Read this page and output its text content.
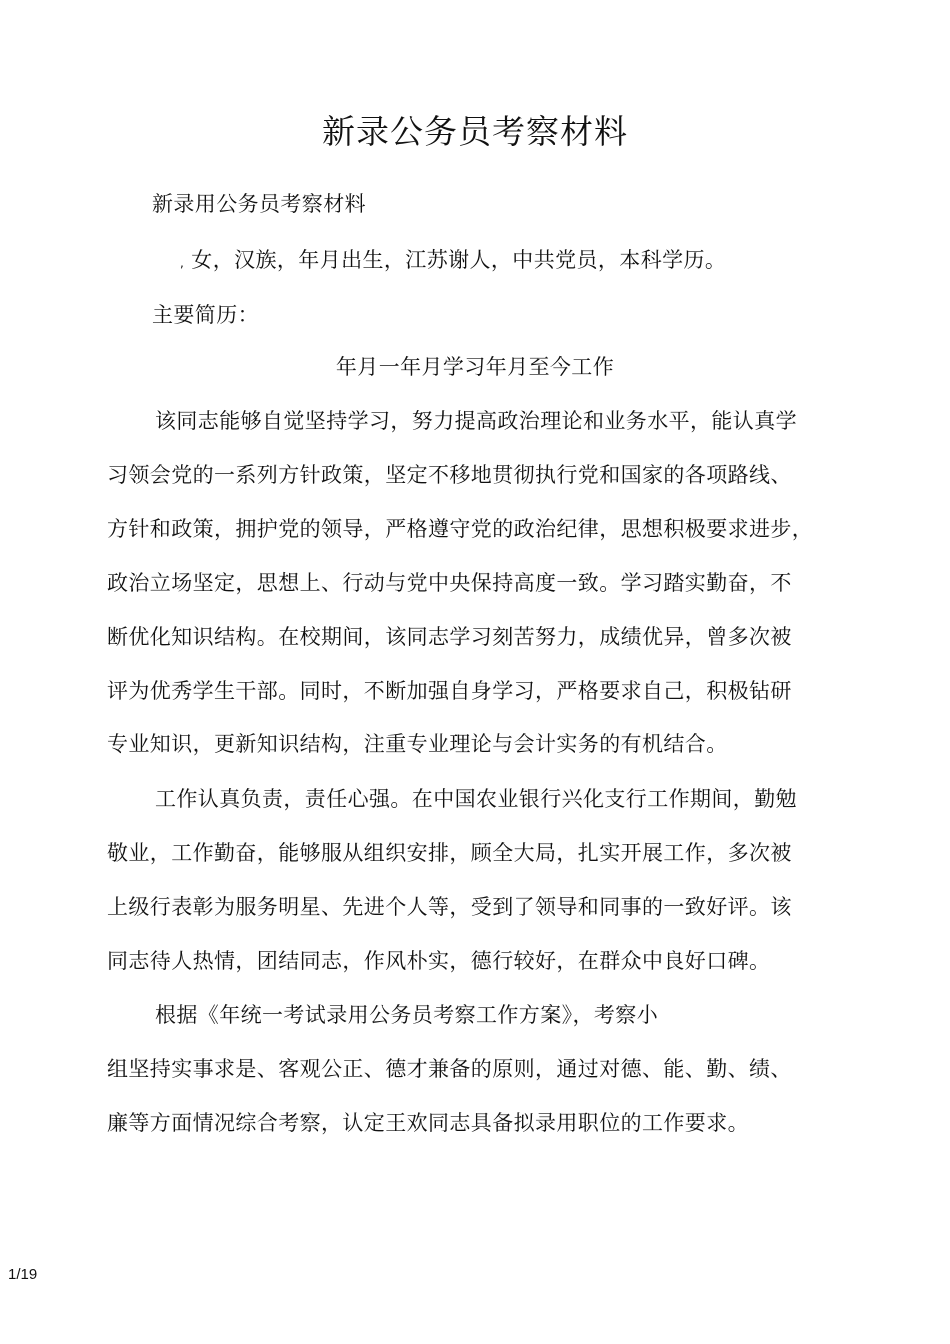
新录公务员考察材料
新录用公务员考察材料
, 女，汉族，年月出生，江苏谢人，中共党员，本科学历。
主要简历：
年月一年月学习年月至今工作
该同志能够自觉坚持学习，努力提高政治理论和业务水平，能认真学
习领会党的一系列方针政策，坚定不移地贯彻执行党和国家的各项路线、
方针和政策，拥护党的领导，严格遵守党的政治纪律，思想积极要求进步，
政治立场坚定，思想上、行动与党中央保持高度一致。学习踏实勤奋，不
断优化知识结构。在校期间，该同志学习刻苦努力，成绩优异，曾多次被
评为优秀学生干部。同时，不断加强自身学习，严格要求自己，积极钻研
专业知识，更新知识结构，注重专业理论与会计实务的有机结合。
工作认真负责，责任心强。在中国农业银行兴化支行工作期间，勤勉
敬业，工作勤奋，能够服从组织安排，顾全大局，扎实开展工作，多次被
上级行表彰为服务明星、先进个人等，受到了领导和同事的一致好评。该
同志待人热情，团结同志，作风朴实，德行较好，在群众中良好口碑。
根据《年统一考试录用公务员考察工作方案》，考察小
组坚持实事求是、客观公正、德才兼备的原则，通过对德、能、勤、绩、
廉等方面情况综合考察，认定王欢同志具备拟录用职位的工作要求。
1/19
